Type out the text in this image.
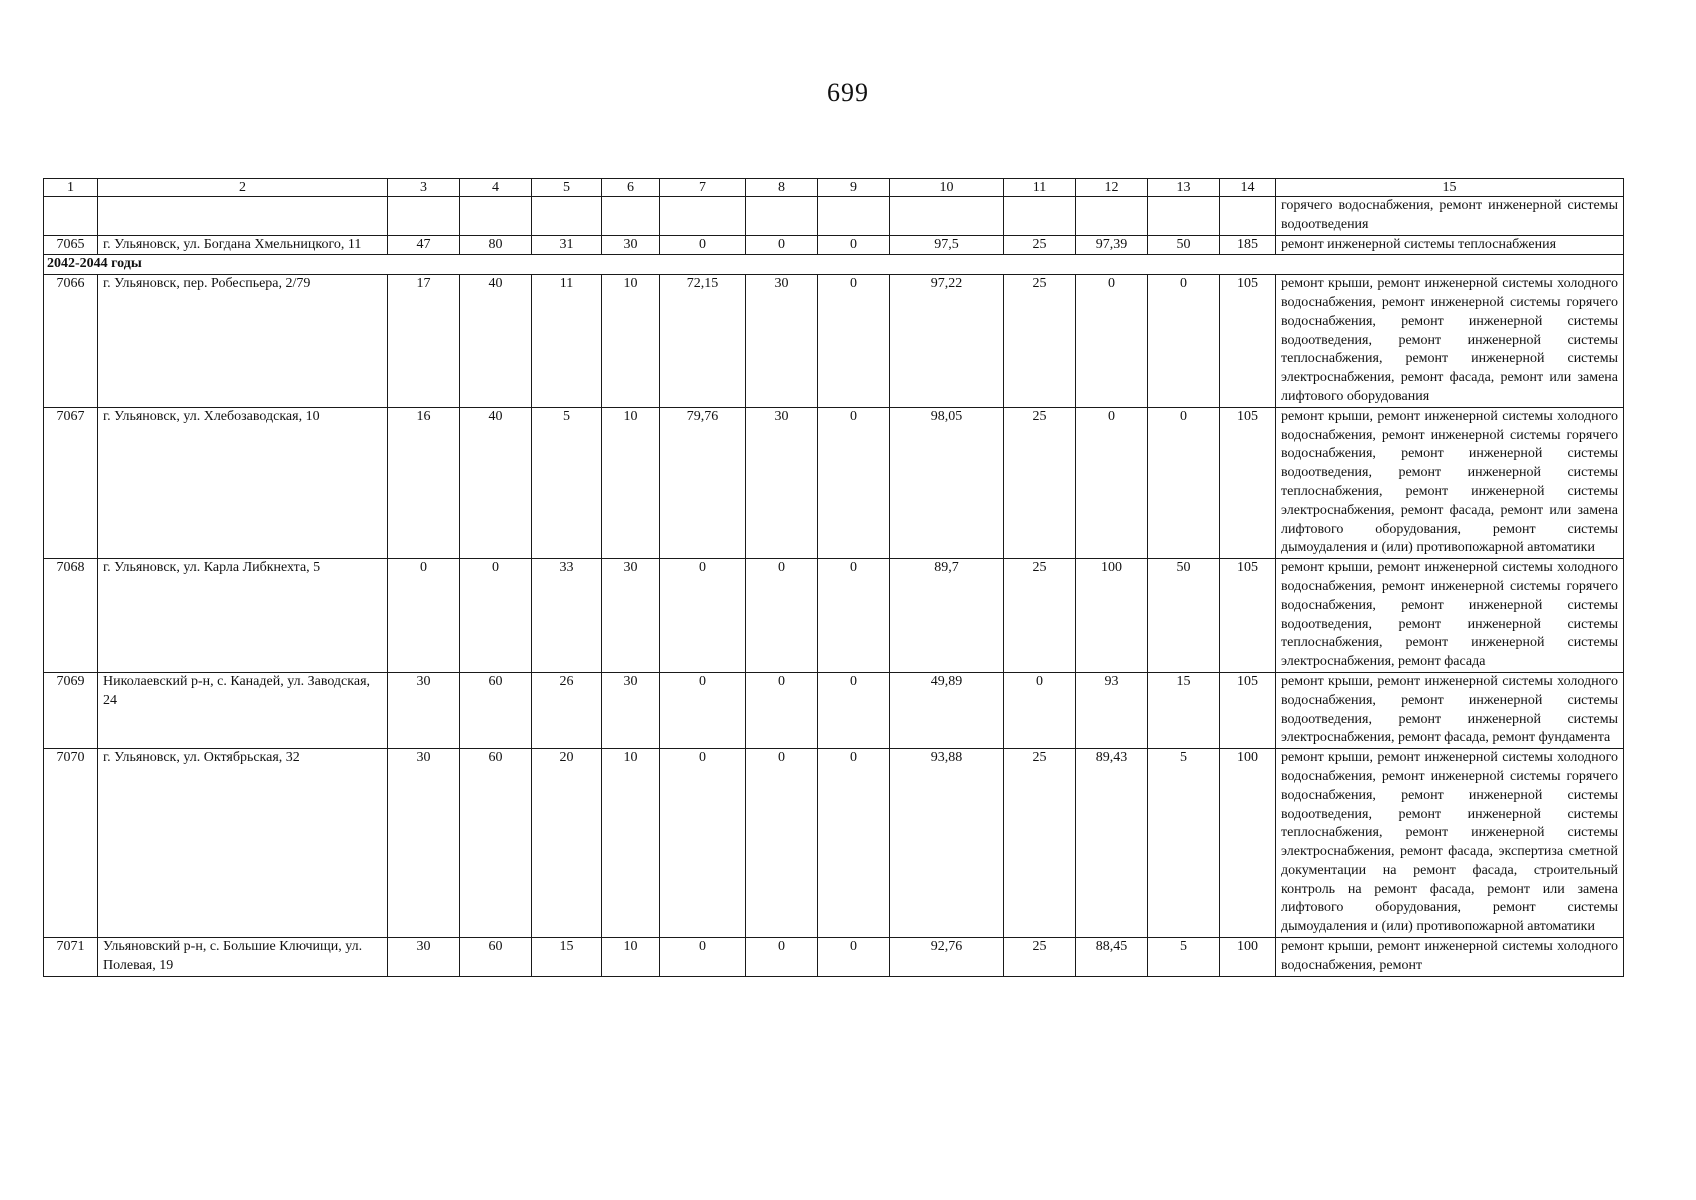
699
1	2	3	4	5	6	7	8	9	10	11	12	13	14	15
														горячего водоснабжения, ремонт инженерной системы водоотведения
7065	г. Ульяновск, ул. Богдана Хмельницкого, 11	47	80	31	30	0	0	0	97,5	25	97,39	50	185	ремонт инженерной системы теплоснабжения
2042-2044 годы														
7066	г. Ульяновск, пер. Робеспьера, 2/79	17	40	11	10	72,15	30	0	97,22	25	0	0	105	ремонт крыши, ремонт инженерной системы холодного водоснабжения, ремонт инженерной системы горячего водоснабжения, ремонт инженерной системы водоотведения, ремонт инженерной системы теплоснабжения, ремонт инженерной системы электроснабжения, ремонт фасада, ремонт или замена лифтового оборудования
7067	г. Ульяновск, ул. Хлебозаводская, 10	16	40	5	10	79,76	30	0	98,05	25	0	0	105	ремонт крыши, ремонт инженерной системы холодного водоснабжения, ремонт инженерной системы горячего водоснабжения, ремонт инженерной системы водоотведения, ремонт инженерной системы теплоснабжения, ремонт инженерной системы электроснабжения, ремонт фасада, ремонт или замена лифтового оборудования, ремонт системы дымоудаления и (или) противопожарной автоматики
7068	г. Ульяновск, ул. Карла Либкнехта, 5	0	0	33	30	0	0	0	89,7	25	100	50	105	ремонт крыши, ремонт инженерной системы холодного водоснабжения, ремонт инженерной системы горячего водоснабжения, ремонт инженерной системы водоотведения, ремонт инженерной системы теплоснабжения, ремонт инженерной системы электроснабжения, ремонт фасада
7069	Николаевский р-н, с. Канадей, ул. Заводская, 24	30	60	26	30	0	0	0	49,89	0	93	15	105	ремонт крыши, ремонт инженерной системы холодного водоснабжения, ремонт инженерной системы водоотведения, ремонт инженерной системы электроснабжения, ремонт фасада, ремонт фундамента
7070	г. Ульяновск, ул. Октябрьская, 32	30	60	20	10	0	0	0	93,88	25	89,43	5	100	ремонт крыши, ремонт инженерной системы холодного водоснабжения, ремонт инженерной системы горячего водоснабжения, ремонт инженерной системы водоотведения, ремонт инженерной системы теплоснабжения, ремонт инженерной системы электроснабжения, ремонт фасада, экспертиза сметной документации на ремонт фасада, строительный контроль на ремонт фасада, ремонт или замена лифтового оборудования, ремонт системы дымоудаления и (или) противопожарной автоматики
7071	Ульяновский р-н, с. Большие Ключищи, ул. Полевая, 19	30	60	15	10	0	0	0	92,76	25	88,45	5	100	ремонт крыши, ремонт инженерной системы холодного водоснабжения, ремонт
